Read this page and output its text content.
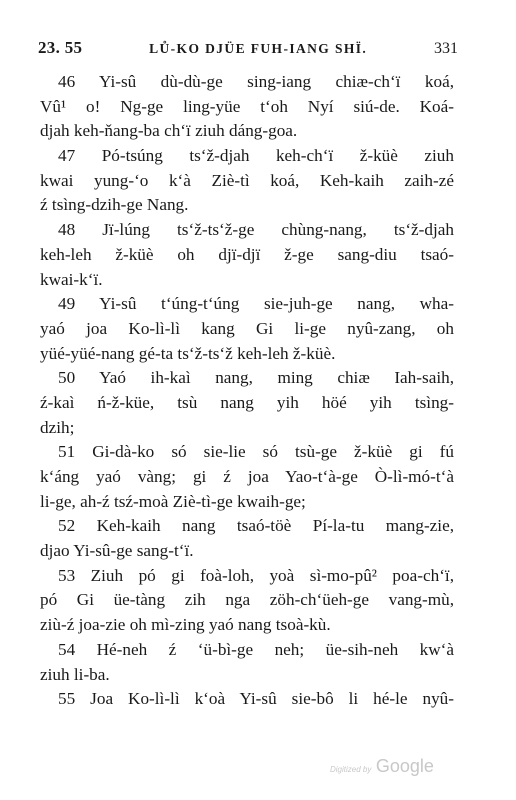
23. 55	LŮ-KO DJÜE FUH-IANG SHÏ.	331
46 Yi-sû dù-dù-ge sing-iang chiæ-ch‘ï koá,
Vû¹ o! Ng-ge ling-yüe t‘oh Nyí siú-de. Koá-
djah keh-ňang-ba ch‘ï ziuh dáng-goa.
47 Pó-tsúng ts‘ž-djah keh-ch‘ï ž-küè ziuh
kwai yung-‘o k‘à Ziè-tì koá, Keh-kaih zaih-zé
ź tsìng-dzih-ge Nang.
48 Jï-lúng ts‘ž-ts‘ž-ge chùng-nang, ts‘ž-djah
keh-leh ž-küè oh djï-djï ž-ge sang-diu tsaó-
kwai-k‘ï.
49 Yi-sû t‘úng-t‘úng sie-juh-ge nang, wha-
yaó joa Ko-lì-lì kang Gi li-ge nyû-zang, oh
yüé-yüé-nang gé-ta ts‘ž-ts‘ž keh-leh ž-küè.
50 Yaó ih-kaì nang, ming chiæ Iah-saih,
ź-kaì ń-ž-küe, tsù nang yih höé yih tsìng-
dzih;
51 Gi-dà-ko só sie-lie só tsù-ge ž-küè gi fú
k‘áng yaó vàng; gi ź joa Yao-t‘à-ge Ò-lì-mó-t‘à
li-ge, ah-ź tsź-moà Ziè-tì-ge kwaih-ge;
52 Keh-kaih nang tsaó-töè Pí-la-tu mang-zie,
djao Yi-sû-ge sang-t‘ï.
53 Ziuh pó gi foà-loh, yoà sì-mo-pû² poa-ch‘ï,
pó Gi üe-tàng zih nga zöh-ch‘üeh-ge vang-mù,
ziù-ź joa-zie oh mì-zing yaó nang tsoà-kù.
54 Hé-neh ź ‘ü-bì-ge neh; üe-sih-neh kw‘à
ziuh li-ba.
55 Joa Ko-lì-lì k‘oà Yi-sû sie-bô li hé-le nyû-
Digitized by Google
